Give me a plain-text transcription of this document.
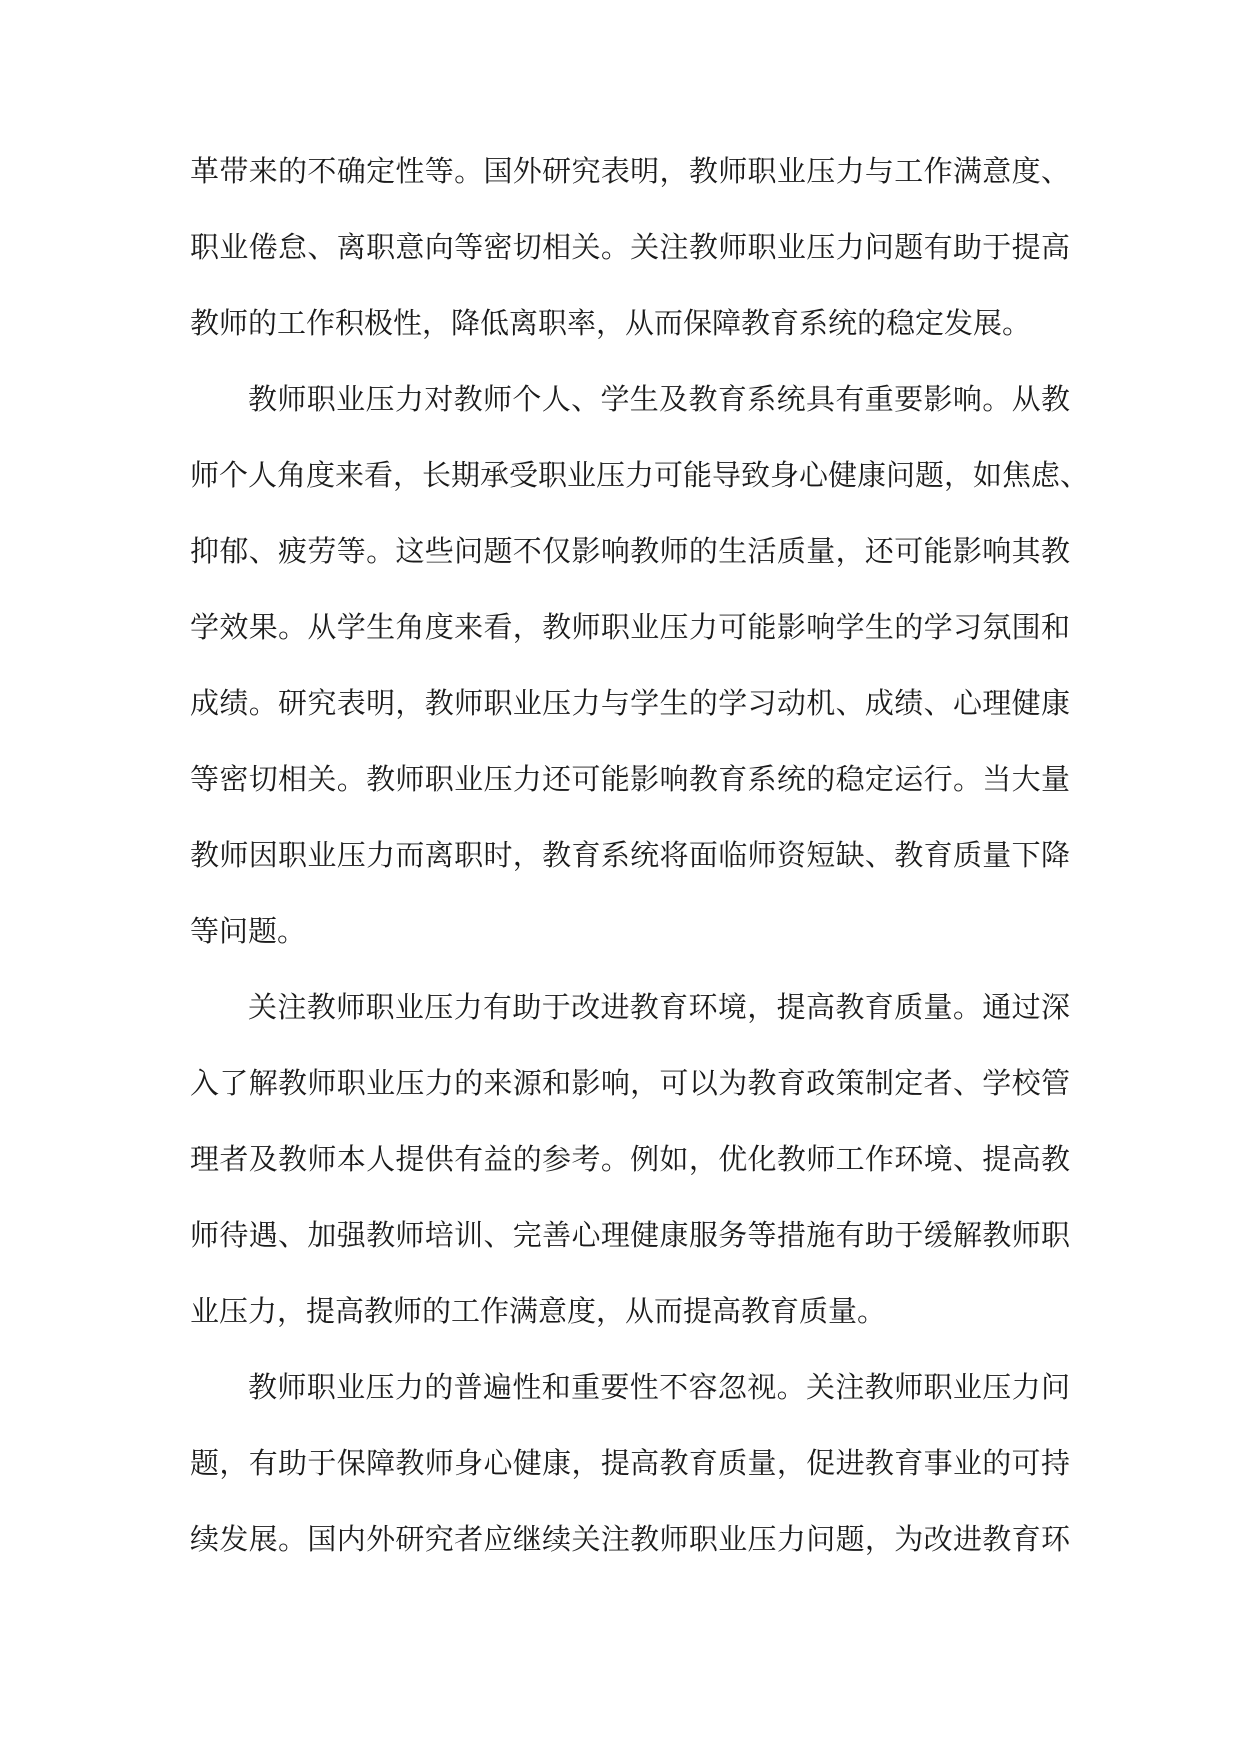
革带来的不确定性等。国外研究表明，教师职业压力与工作满意度、
职业倦怠、离职意向等密切相关。关注教师职业压力问题有助于提高
教师的工作积极性，降低离职率，从而保障教育系统的稳定发展。
教师职业压力对教师个人、学生及教育系统具有重要影响。从教
师个人角度来看，长期承受职业压力可能导致身心健康问题，如焦虑、
抑郁、疲劳等。这些问题不仅影响教师的生活质量，还可能影响其教
学效果。从学生角度来看，教师职业压力可能影响学生的学习氛围和
成绩。研究表明，教师职业压力与学生的学习动机、成绩、心理健康
等密切相关。教师职业压力还可能影响教育系统的稳定运行。当大量
教师因职业压力而离职时，教育系统将面临师资短缺、教育质量下降
等问题。
关注教师职业压力有助于改进教育环境，提高教育质量。通过深
入了解教师职业压力的来源和影响，可以为教育政策制定者、学校管
理者及教师本人提供有益的参考。例如，优化教师工作环境、提高教
师待遇、加强教师培训、完善心理健康服务等措施有助于缓解教师职
业压力，提高教师的工作满意度，从而提高教育质量。
教师职业压力的普遍性和重要性不容忽视。关注教师职业压力问
题，有助于保障教师身心健康，提高教育质量，促进教育事业的可持
续发展。国内外研究者应继续关注教师职业压力问题，为改进教育环
